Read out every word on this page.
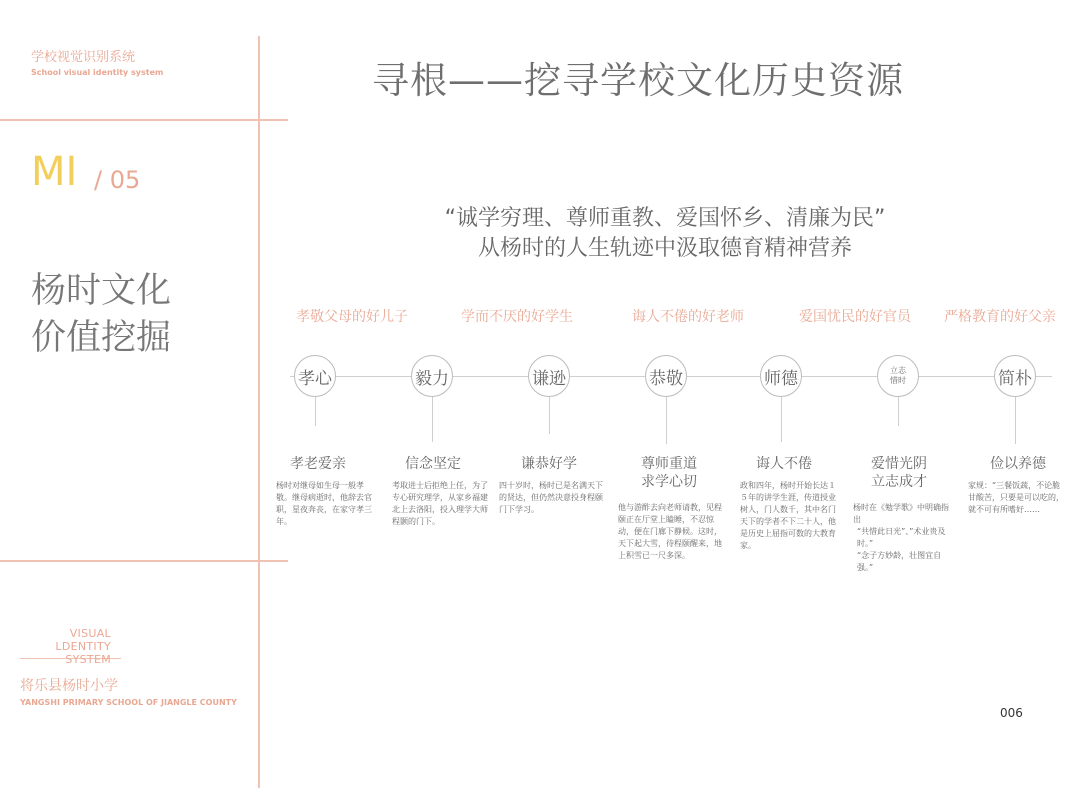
学校视觉识别系统
School visual identity system
MI / 05
杨时文化
价值挖掘
VISUAL LDENTITY
SYSTEM
将乐县杨时小学
YANGSHI PRIMARY SCHOOL OF JIANGLE COUNTY
寻根——挖寻学校文化历史资源
“诚学穷理、尊师重教、爱国怀乡、清廉为民”
从杨时的人生轨迹中汲取德育精神营养
孝敬父母的好儿子	学而不厌的好学生	诲人不倦的好老师	爱国忧民的好官员 严格教育的好父亲
孝心	毅力	谦逊	恭敬	师德	立志
惜时	简朴
孝老爱亲	信念坚定	谦恭好学	尊师重道
求学心切
诲人不倦	爱惜光阴
立志成才
俭以养德
杨时对继母如生母一般孝敬。继母病逝时，他辞去官职，星夜奔丧，在家守孝三年。
考取进士后拒绝上任，为了专心研究理学，从家乡福建北上去洛阳，投入理学大师程颢的门下。
四十岁时，杨时已是名满天下的贤达，但仍然决意投身程颐门下学习。	他与游酢去向老师请教，见程颐正在厅堂上瞌睡，不忍惊动，便在门廊下静候。这时，天下起大雪，待程颐醒来，地上积雪已一尺多深。
政和四年，杨时开始长达１５年的讲学生涯，传道授业树人，门人数千，其中名门天下的学者不下二十人，他是历史上屈指可数的大教育家。
杨时在《勉学歌》中明确指出
“共惜此日光”、”术业贵及时。”
“念子方妙龄，壮图宜自强。”
家规：“三餐饭蔬，不论脆甘酸苦，只要是可以吃的，就不可有所嗜好……
006
